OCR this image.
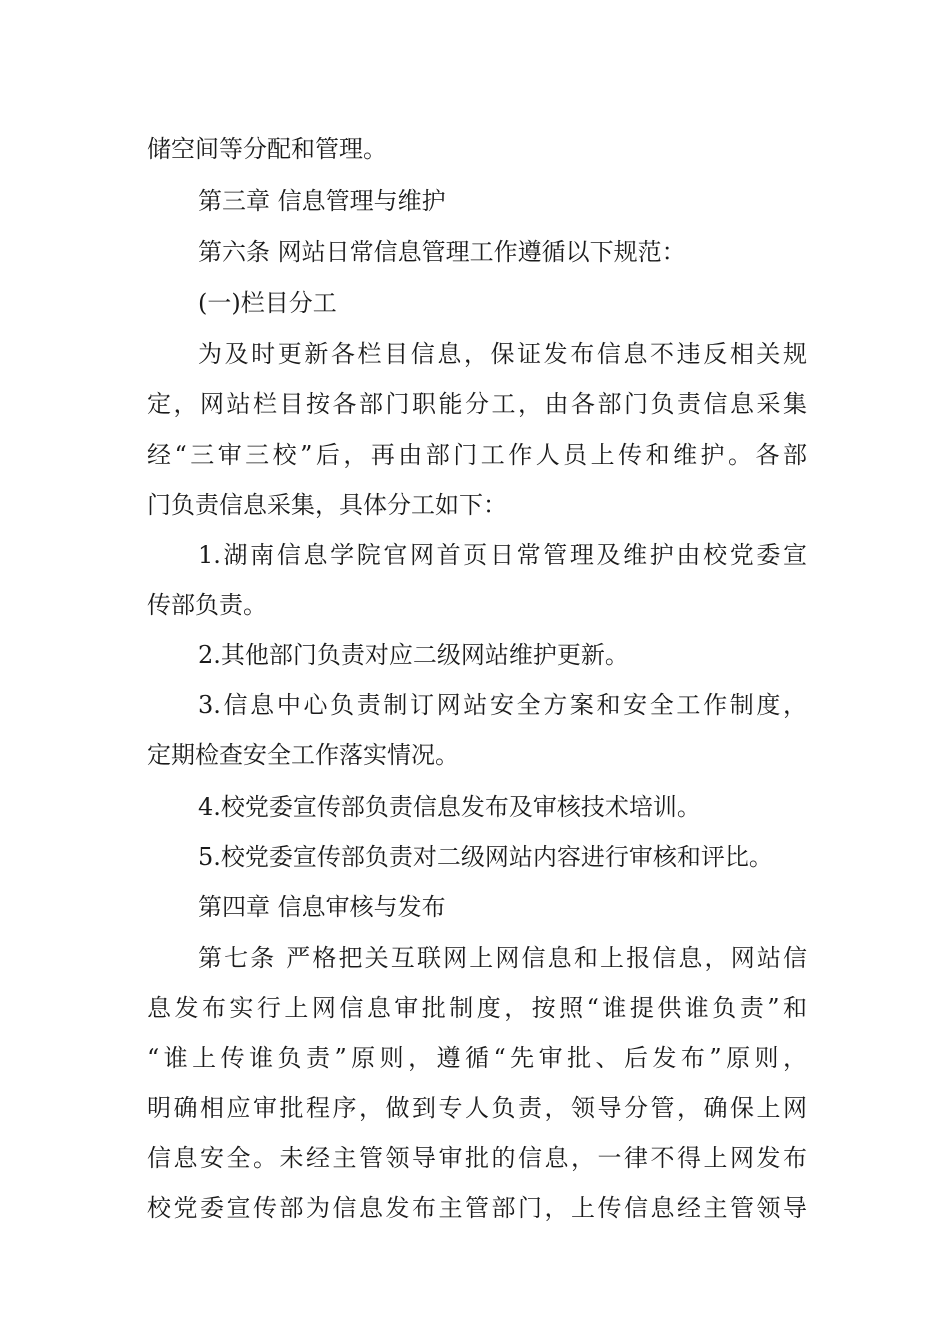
储空间等分配和管理。
第三章 信息管理与维护
第六条 网站日常信息管理工作遵循以下规范：
(一)栏目分工
为及时更新各栏目信息，保证发布信息不违反相关规
定，网站栏目按各部门职能分工，由各部门负责信息采集
经“三审三校”后，再由部门工作人员上传和维护。各部
门负责信息采集，具体分工如下：
1.湖南信息学院官网首页日常管理及维护由校党委宣
传部负责。
2.其他部门负责对应二级网站维护更新。
3.信息中心负责制订网站安全方案和安全工作制度，
定期检查安全工作落实情况。
4.校党委宣传部负责信息发布及审核技术培训。
5.校党委宣传部负责对二级网站内容进行审核和评比。
第四章 信息审核与发布
第七条 严格把关互联网上网信息和上报信息，网站信
息发布实行上网信息审批制度，按照“谁提供谁负责”和
“谁上传谁负责”原则，遵循“先审批、后发布”原则，
明确相应审批程序，做到专人负责，领导分管，确保上网
信息安全。未经主管领导审批的信息，一律不得上网发布
校党委宣传部为信息发布主管部门，上传信息经主管领导
